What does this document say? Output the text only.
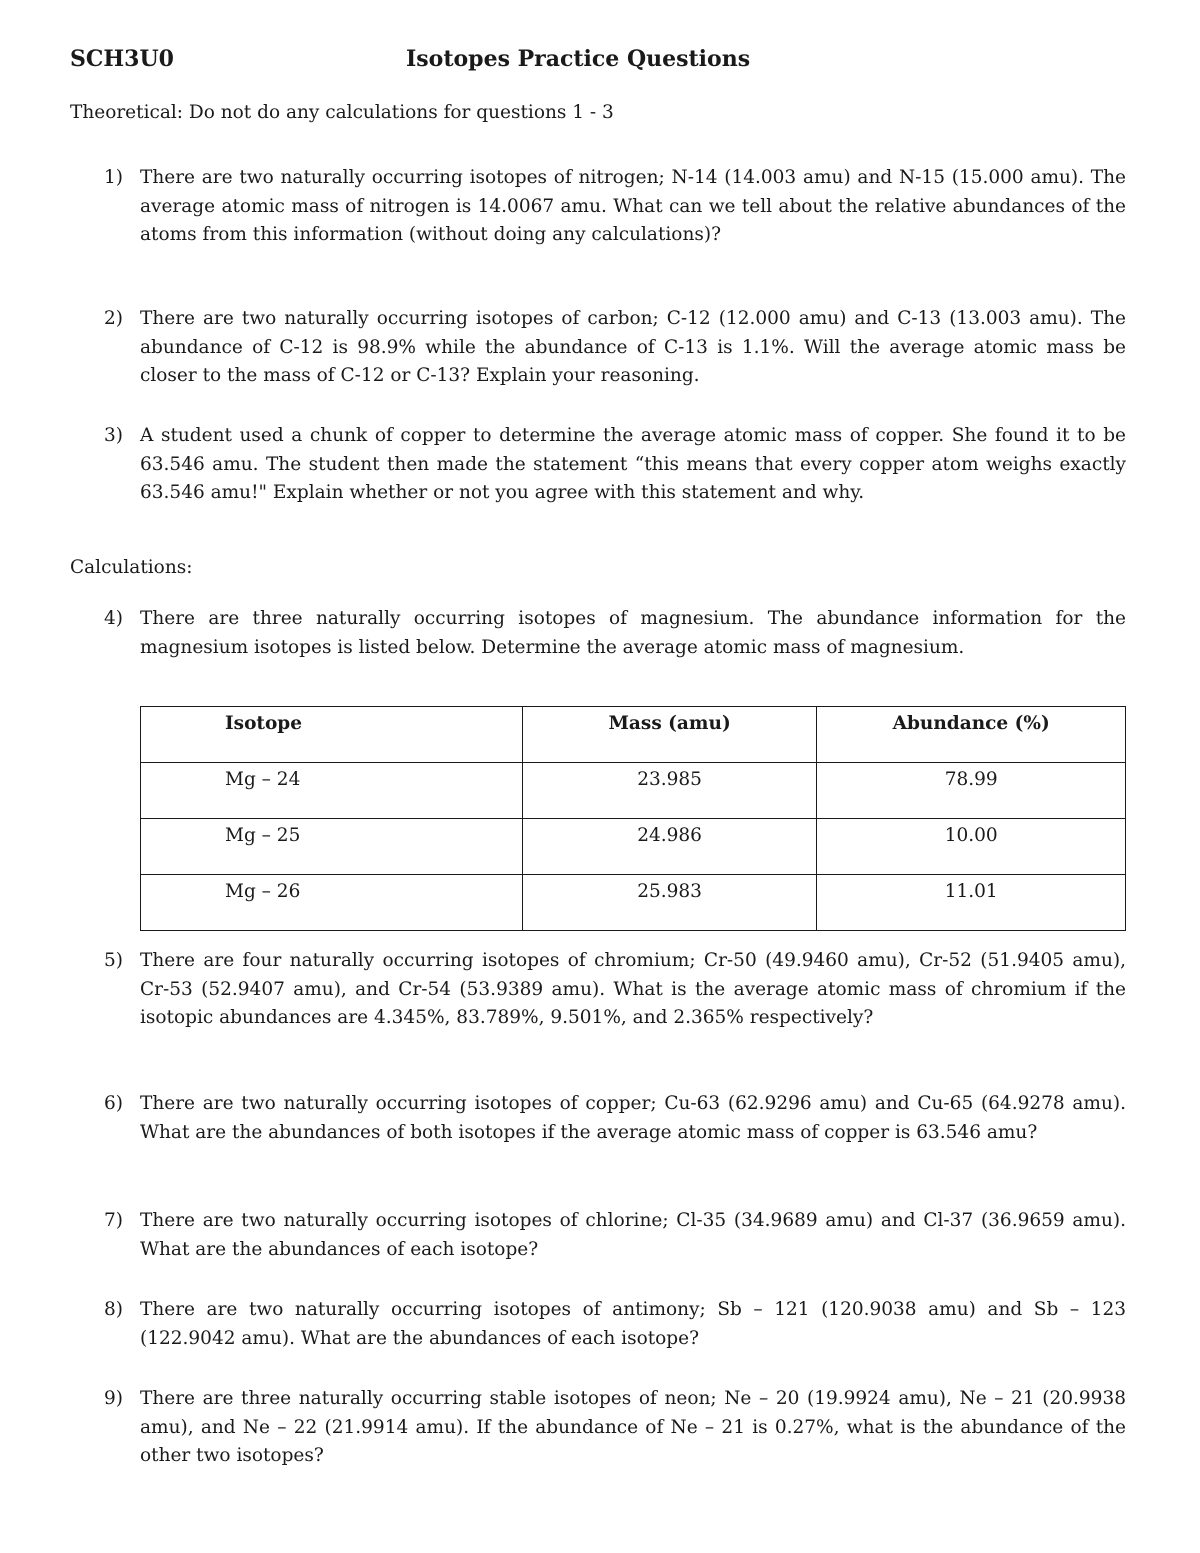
SCH3U0	Isotopes Practice Questions
Theoretical: Do not do any calculations for questions 1 - 3
1) There are two naturally occurring isotopes of nitrogen; N-14 (14.003 amu) and N-15 (15.000 amu). The average atomic mass of nitrogen is 14.0067 amu. What can we tell about the relative abundances of the atoms from this information (without doing any calculations)?
2) There are two naturally occurring isotopes of carbon; C-12 (12.000 amu) and C-13 (13.003 amu). The abundance of C-12 is 98.9% while the abundance of C-13 is 1.1%. Will the average atomic mass be closer to the mass of C-12 or C-13? Explain your reasoning.
3) A student used a chunk of copper to determine the average atomic mass of copper. She found it to be 63.546 amu. The student then made the statement “this means that every copper atom weighs exactly 63.546 amu!" Explain whether or not you agree with this statement and why.
Calculations:
4) There are three naturally occurring isotopes of magnesium. The abundance information for the magnesium isotopes is listed below. Determine the average atomic mass of magnesium.
Isotope	Mass (amu)	Abundance (%)
Mg – 24	23.985	78.99
Mg – 25	24.986	10.00
Mg – 26	25.983	11.01
5) There are four naturally occurring isotopes of chromium; Cr-50 (49.9460 amu), Cr-52 (51.9405 amu), Cr-53 (52.9407 amu), and Cr-54 (53.9389 amu). What is the average atomic mass of chromium if the isotopic abundances are 4.345%, 83.789%, 9.501%, and 2.365% respectively?
6) There are two naturally occurring isotopes of copper; Cu-63 (62.9296 amu) and Cu-65 (64.9278 amu). What are the abundances of both isotopes if the average atomic mass of copper is 63.546 amu?
7) There are two naturally occurring isotopes of chlorine; Cl-35 (34.9689 amu) and Cl-37 (36.9659 amu). What are the abundances of each isotope?
8) There are two naturally occurring isotopes of antimony; Sb – 121 (120.9038 amu) and Sb – 123 (122.9042 amu). What are the abundances of each isotope?
9) There are three naturally occurring stable isotopes of neon; Ne – 20 (19.9924 amu), Ne – 21 (20.9938 amu), and Ne – 22 (21.9914 amu). If the abundance of Ne – 21 is 0.27%, what is the abundance of the other two isotopes?
